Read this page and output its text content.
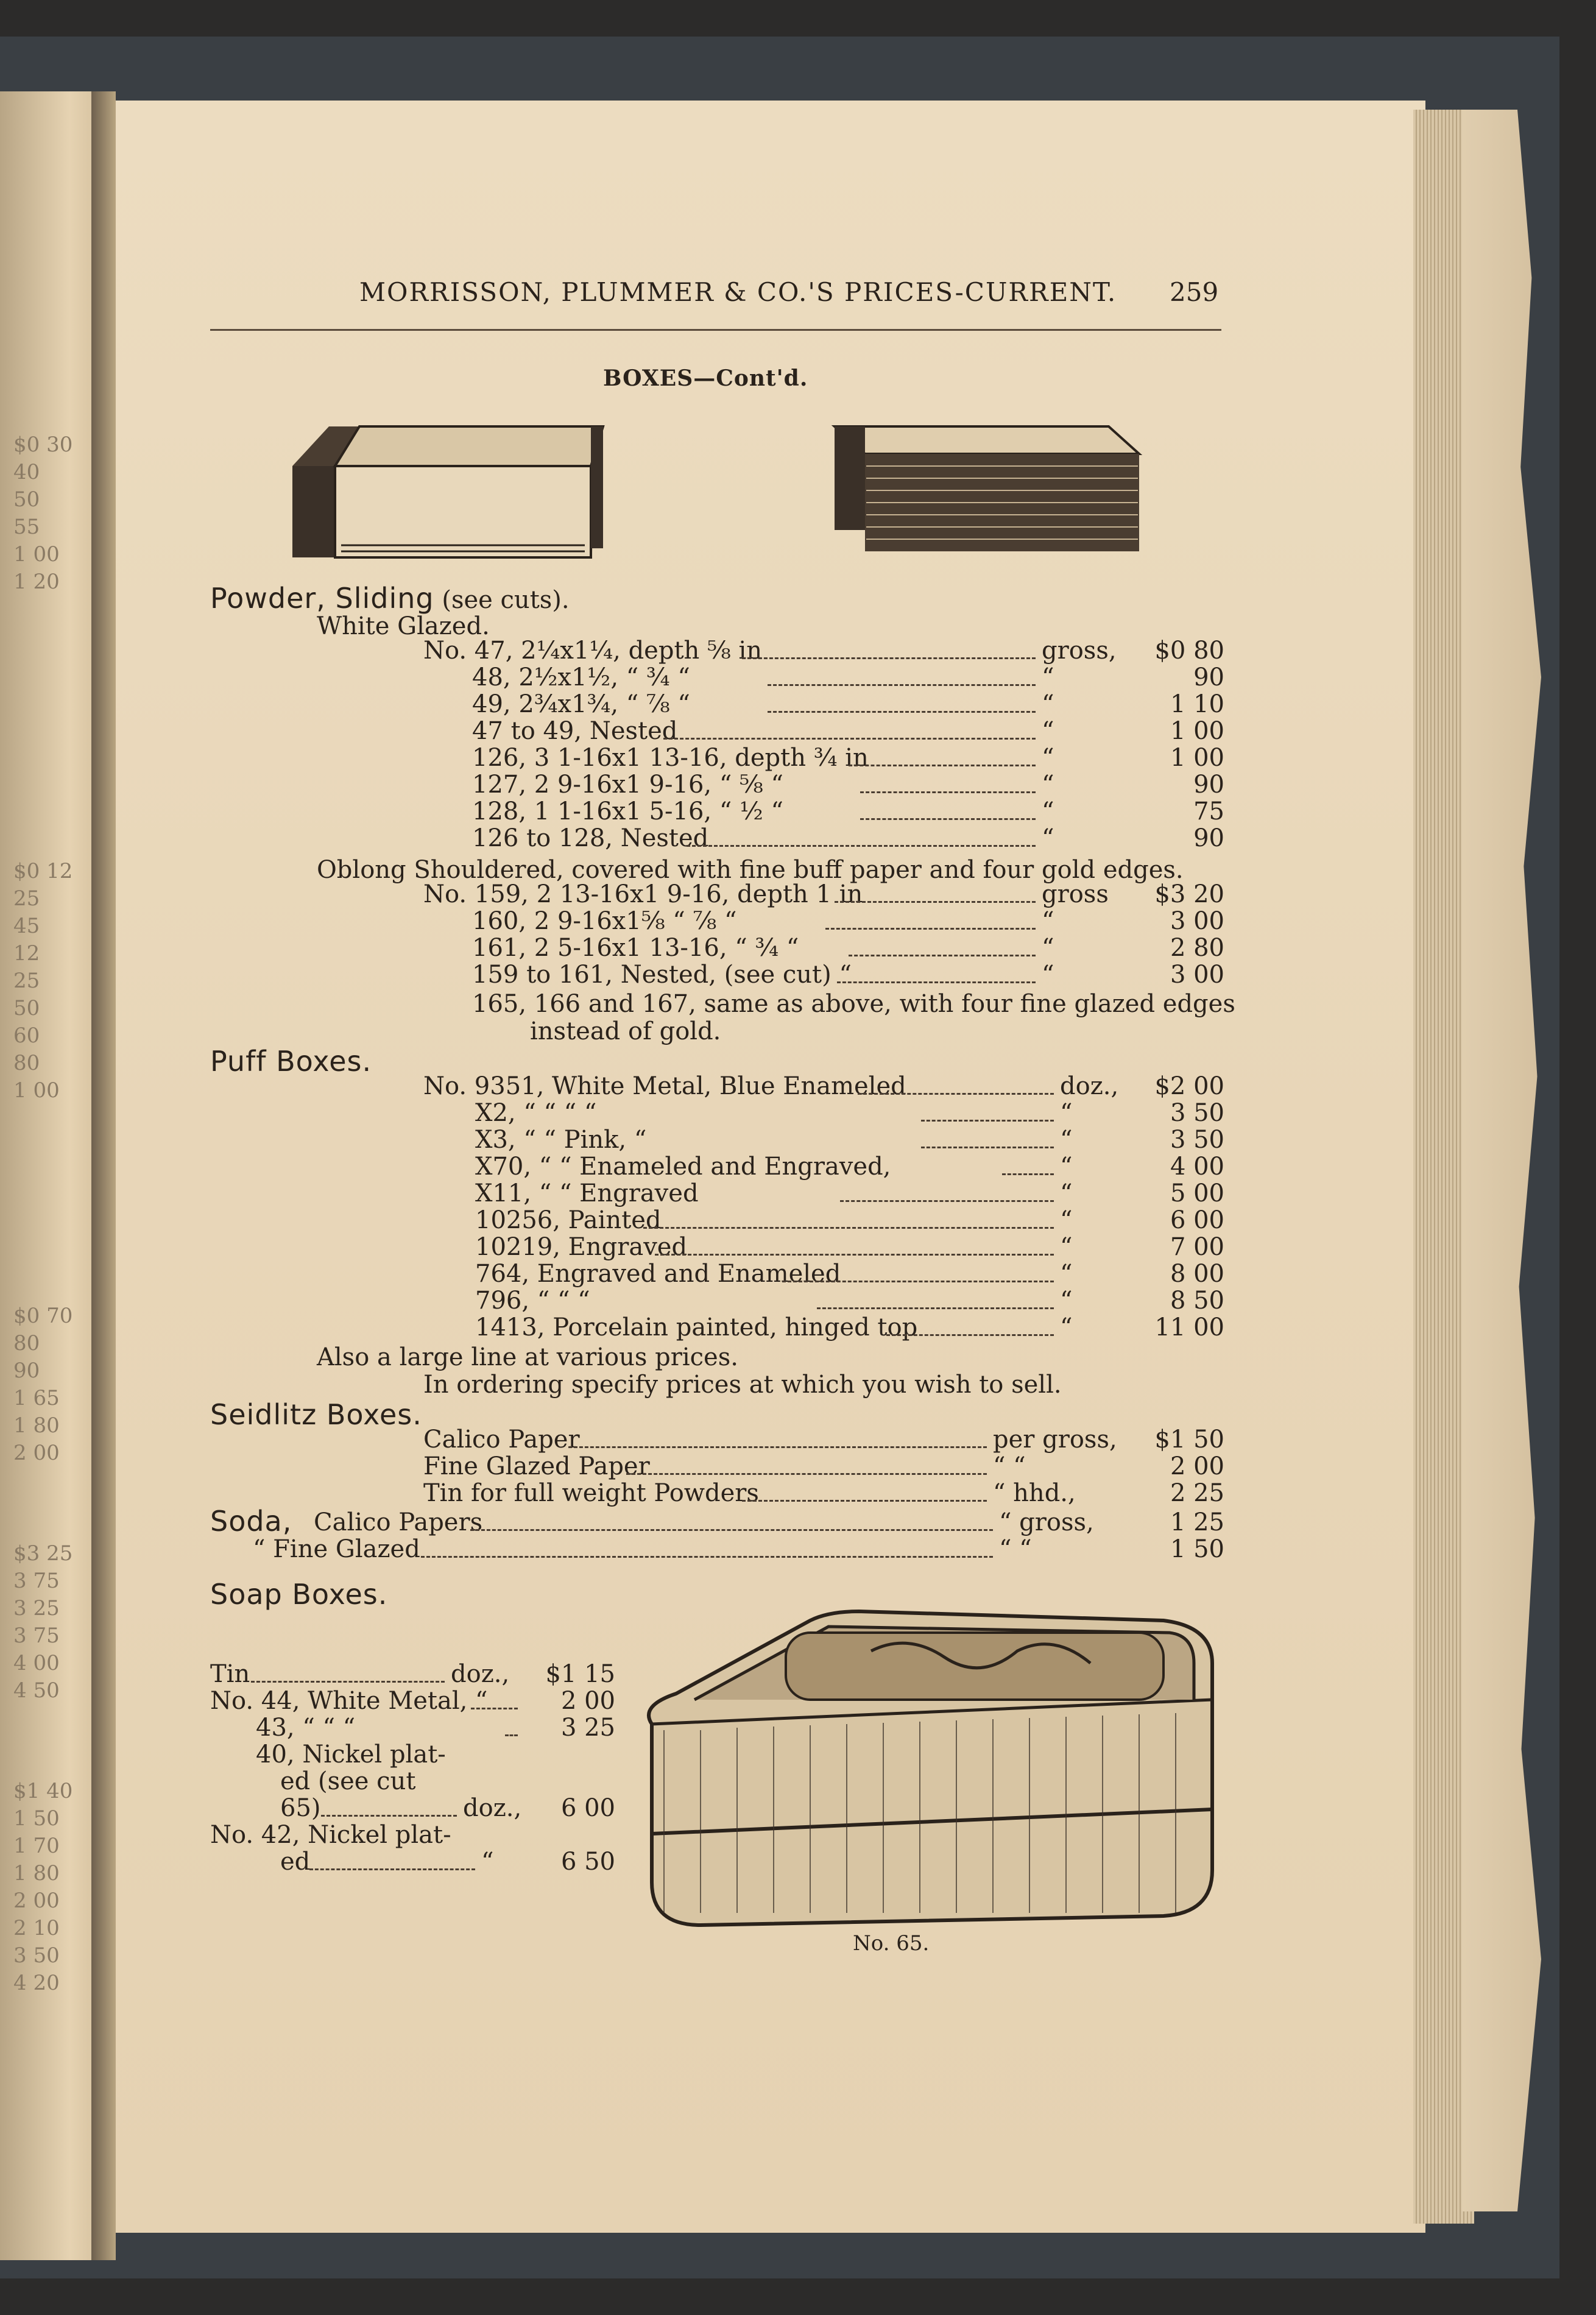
$0 30
40
50
55
1 00
1 20
$0 12
25
45
12
25
50
60
80
1 00
$0 70
80
90
1 65
1 80
2 00
$3 25
3 75
3 25
3 75
4 00
4 50
$1 40
1 50
1 70
1 80
2 00
2 10
3 50
4 20
MORRISSON, PLUMMER & CO.'S PRICES-CURRENT. 259
BOXES—Cont'd.
No. 65.
Powder, Sliding (see cuts).
White Glazed.
No. 47, 2¼x1¼, depth ⅝ in	gross,	$0 80
48, 2½x1½, “ ¾ “	“	90
49, 2¾x1¾, “ ⅞ “	“	1 10
47 to 49, Nested	“	1 00
126, 3 1-16x1 13-16, depth ¾ in	“	1 00
127, 2 9-16x1 9-16, “ ⅝ “	“	90
128, 1 1-16x1 5-16, “ ½ “	“	75
126 to 128, Nested	“	90
Oblong Shouldered, covered with fine buff paper and four gold edges.
No. 159, 2 13-16x1 9-16, depth 1 in	gross	$3 20
160, 2 9-16x1⅝ “ ⅞ “	“	3 00
161, 2 5-16x1 13-16, “ ¾ “	“	2 80
159 to 161, Nested, (see cut) “	“	3 00
165, 166 and 167, same as above, with four fine glazed edges
instead of gold.
Puff Boxes.
No. 9351, White Metal, Blue Enameled	doz.,	$2 00
X2, “ “ “ “	“	3 50
X3, “ “ Pink, “	“	3 50
X70, “ “ Enameled and Engraved,	“	4 00
X11, “ “ Engraved	“	5 00
10256, Painted	“	6 00
10219, Engraved	“	7 00
764, Engraved and Enameled	“	8 00
796, “ “ “	“	8 50
1413, Porcelain painted, hinged top	“	11 00
Also a large line at various prices.
In ordering specify prices at which you wish to sell.
Seidlitz Boxes.
Calico Paper	per gross,	$1 50
Fine Glazed Paper	“ “	2 00
Tin for full weight Powders	“ hhd.,	2 25
Soda, Calico Papers	“ gross,	1 25
“ Fine Glazed	“ “	1 50
Soap Boxes.
Tin	doz.,	$1 15
No. 44, White Metal, “	2 00
43, “ “ “	3 25
40, Nickel plat-
ed (see cut
65)	doz.,	6 00
No. 42, Nickel plat-
ed	“	6 50
